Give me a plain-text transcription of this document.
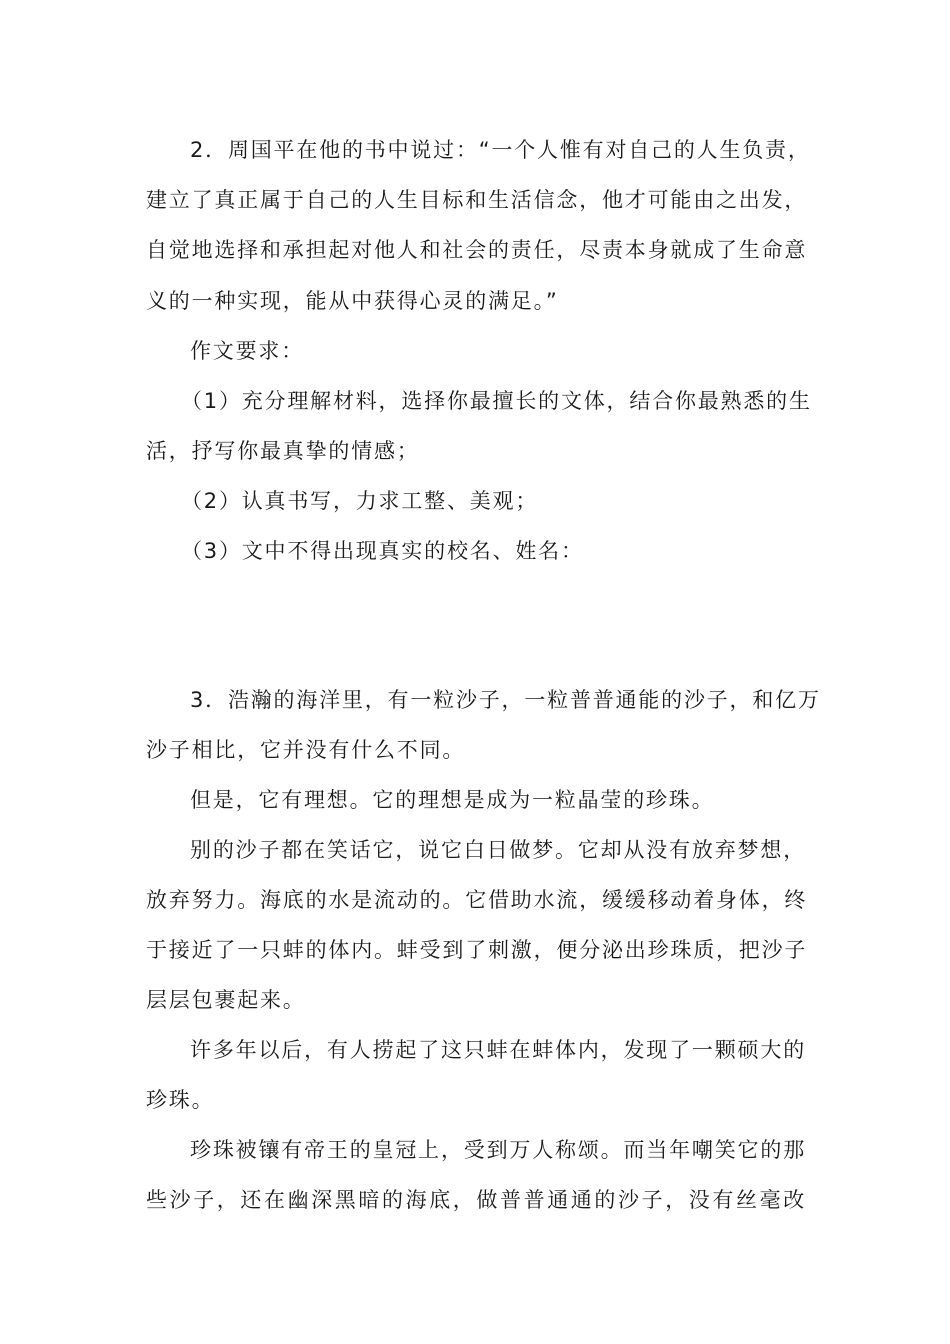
2．周国平在他的书中说过：“一个人惟有对自己的人生负责，
建立了真正属于自己的人生目标和生活信念，他才可能由之出发，
自觉地选择和承担起对他人和社会的责任，尽责本身就成了生命意
义的一种实现，能从中获得心灵的满足。”
作文要求：
（1）充分理解材料，选择你最擅长的文体，结合你最熟悉的生
活，抒写你最真挚的情感；
（2）认真书写，力求工整、美观；
（3）文中不得出现真实的校名、姓名：
3．浩瀚的海洋里，有一粒沙子，一粒普普通能的沙子，和亿万
沙子相比，它并没有什么不同。
但是，它有理想。它的理想是成为一粒晶莹的珍珠。
别的沙子都在笑话它，说它白日做梦。它却从没有放弃梦想，
放弃努力。海底的水是流动的。它借助水流，缓缓移动着身体，终
于接近了一只蚌的体内。蚌受到了刺激，便分泌出珍珠质，把沙子
层层包裹起来。
许多年以后，有人捞起了这只蚌在蚌体内，发现了一颗硕大的
珍珠。
珍珠被镶有帝王的皇冠上，受到万人称颂。而当年嘲笑它的那
些沙子，还在幽深黑暗的海底，做普普通通的沙子，没有丝毫改
